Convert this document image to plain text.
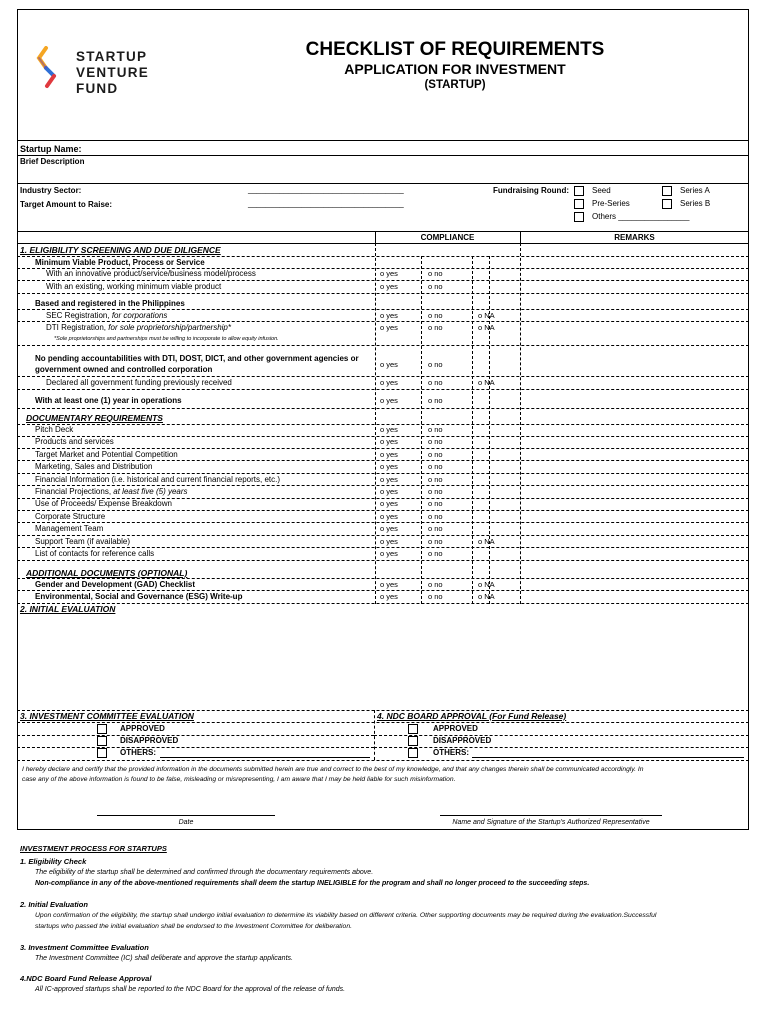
STARTUP
VENTURE
FUND
CHECKLIST OF REQUIREMENTS
APPLICATION FOR INVESTMENT
(STARTUP)
Startup Name:
Brief Description
Industry Sector:	___________________________________
Target Amount to Raise:	___________________________________
Fundraising Round:	Seed
Pre-Series
Others ________________
Series A
Series B
COMPLIANCE	REMARKS
1. ELIGIBILITY SCREENING AND DUE DILIGENCE
Minimum Viable Product, Process or Service
With an innovative product/service/business model/process	o yes	o no
With an existing, working minimum viable product	o yes	o no
Based and registered in the Philippines
SEC Registration, for corporations	o yes	o no	o NA
DTI Registration, for sole proprietorship/partnership*	o yes	o no	o NA
*Sole proprietorships and partnerships must be willing to incorporate to allow equity infusion.
No pending accountabilities with DTI, DOST, DICT, and other government agencies or
government owned and controlled corporation
o yes	o no
Declared all government funding previously received	o yes	o no	o NA
With at least one (1) year in operations	o yes	o no
DOCUMENTARY REQUIREMENTS
Pitch Deck	o yes	o no
Products and services	o yes	o no
Target Market and Potential Competition	o yes	o no
Marketing, Sales and Distribution	o yes	o no
Financial Information (i.e. historical and current financial reports, etc.)	o yes	o no
Financial Projections, at least five (5) years	o yes	o no
Use of Proceeds/ Expense Breakdown	o yes	o no
Corporate Structure	o yes	o no
Management Team	o yes	o no
Support Team (if available)	o yes	o no	o NA
List of contacts for reference calls	o yes	o no
ADDITIONAL DOCUMENTS (OPTIONAL)
Gender and Development (GAD) Checklist	o yes	o no	o NA
Environmental, Social and Governance (ESG) Write-up	o yes	o no	o NA
2. INITIAL EVALUATION
3. INVESTMENT COMMITTEE EVALUATION	4. NDC BOARD APPROVAL (For Fund Release)
APPROVED
DISAPPROVED
OTHERS:
APPROVED
DISAPPROVED
OTHERS:
I hereby declare and certify that the provided information in the documents submitted herein are true and correct to the best of my knowledge, and that any changes therein shall be communicated accordingly. In
case any of the above information is found to be false, misleading or misrepresenting, I am aware that I may be held liable for such misinformation.
Date	Name and Signature of the Startup's Authorized Representative
INVESTMENT PROCESS FOR STARTUPS
1. Eligibility Check
The eligibility of the startup shall be determined and confirmed through the documentary requirements above.
Non-compliance in any of the above-mentioned requirements shall deem the startup INELIGIBLE for the program and shall no longer proceed to the succeeding steps.
2. Initial Evaluation
Upon confirmation of the eligibility, the startup shall undergo initial evaluation to determine its viability based on different criteria. Other supporting documents may be required during the evaluation.Successful
startups who passed the initial evaluation shall be endorsed to the Investment Committee for deliberation.
3. Investment Committee Evaluation
The Investment Committee (IC) shall deliberate and approve the startup applicants.
4.NDC Board Fund Release Approval
All IC-approved startups shall be reported to the NDC Board for the approval of the release of funds.
